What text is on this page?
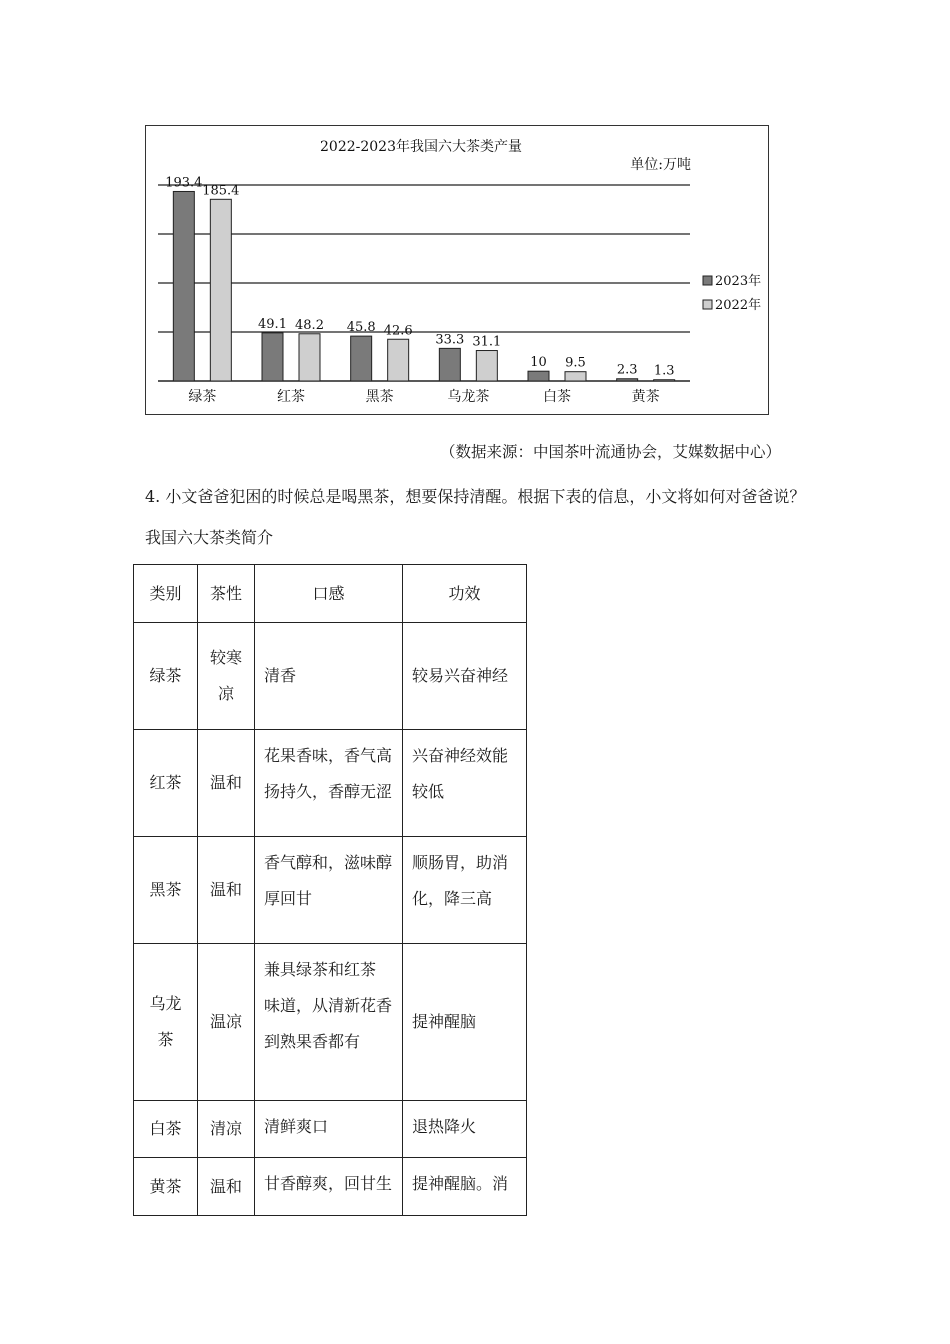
2022-2023年我国六大茶类产量
单位:万吨
193.4
185.4
绿茶
49.1 48.2
红茶
45.8 42.6
黑茶
33.3 31.1
乌龙茶
10 9.5
白茶
2.3 1.3
黄茶
2023年
2022年
（数据来源：中国茶叶流通协会，艾媒数据中心）
4. 小文爸爸犯困的时候总是喝黑茶，想要保持清醒。根据下表的信息，小文将如何对爸爸说？
我国六大茶类简介
类别	茶性	口感	功效
绿茶	较寒凉	清香	较易兴奋神经
红茶	温和	花果香味，香气高扬持久，香醇无涩	兴奋神经效能较低
黑茶	温和	香气醇和，滋味醇厚回甘	顺肠胃，助消化，降三高
乌龙茶	温凉	兼具绿茶和红茶　味道，从清新花香到熟果香都有	提神醒脑
白茶	清凉	清鲜爽口	退热降火
黄茶	温和	甘香醇爽，回甘生	提神醒脑。消
